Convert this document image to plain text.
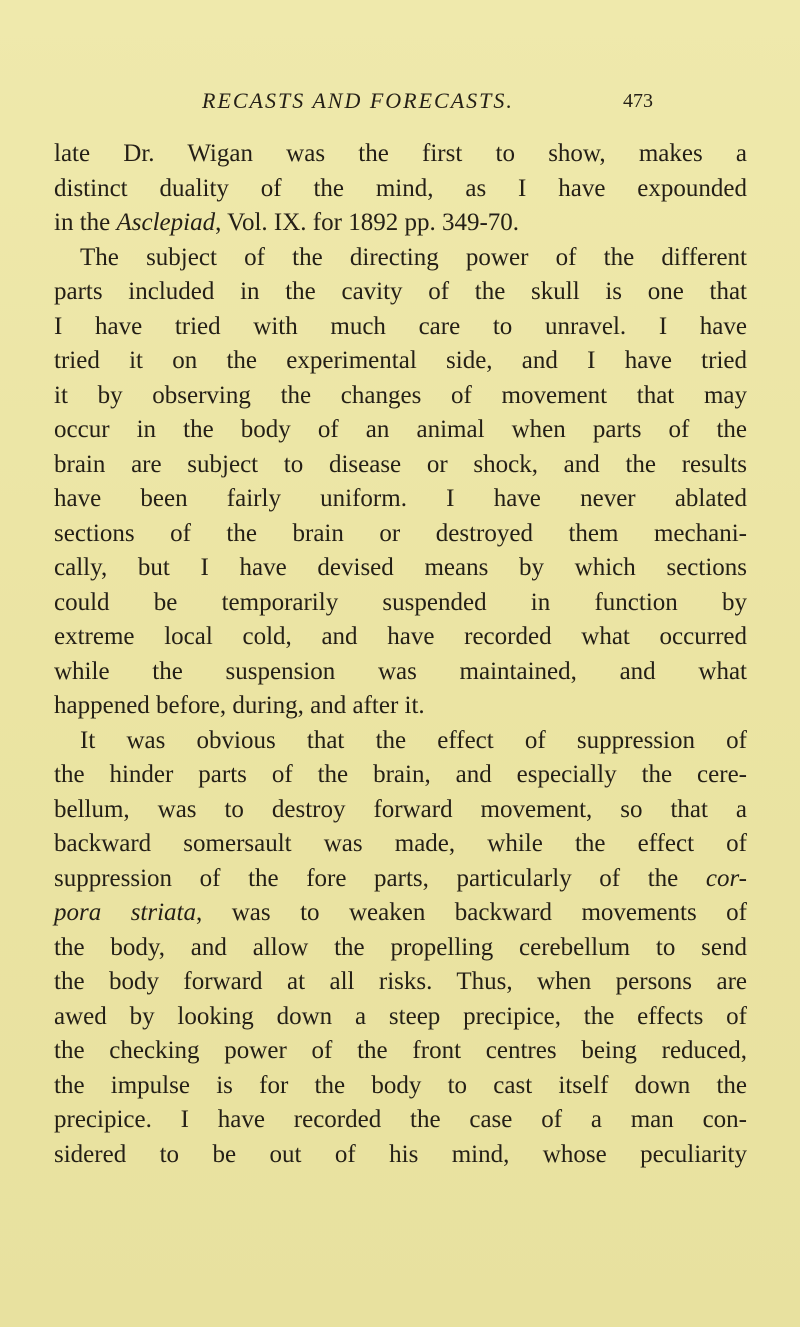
RECASTS AND FORECASTS.	473
late Dr. Wigan was the first to show, makes a
distinct duality of the mind, as I have expounded
in the Asclepiad, Vol. IX. for 1892 pp. 349-70.
The subject of the directing power of the different
parts included in the cavity of the skull is one that
I have tried with much care to unravel. I have
tried it on the experimental side, and I have tried
it by observing the changes of movement that may
occur in the body of an animal when parts of the
brain are subject to disease or shock, and the results
have been fairly uniform. I have never ablated
sections of the brain or destroyed them mechani-
cally, but I have devised means by which sections
could be temporarily suspended in function by
extreme local cold, and have recorded what occurred
while the suspension was maintained, and what
happened before, during, and after it.
It was obvious that the effect of suppression of
the hinder parts of the brain, and especially the cere-
bellum, was to destroy forward movement, so that a
backward somersault was made, while the effect of
suppression of the fore parts, particularly of the cor-
pora striata, was to weaken backward movements of
the body, and allow the propelling cerebellum to send
the body forward at all risks. Thus, when persons are
awed by looking down a steep precipice, the effects of
the checking power of the front centres being reduced,
the impulse is for the body to cast itself down the
precipice. I have recorded the case of a man con-
sidered to be out of his mind, whose peculiarity
